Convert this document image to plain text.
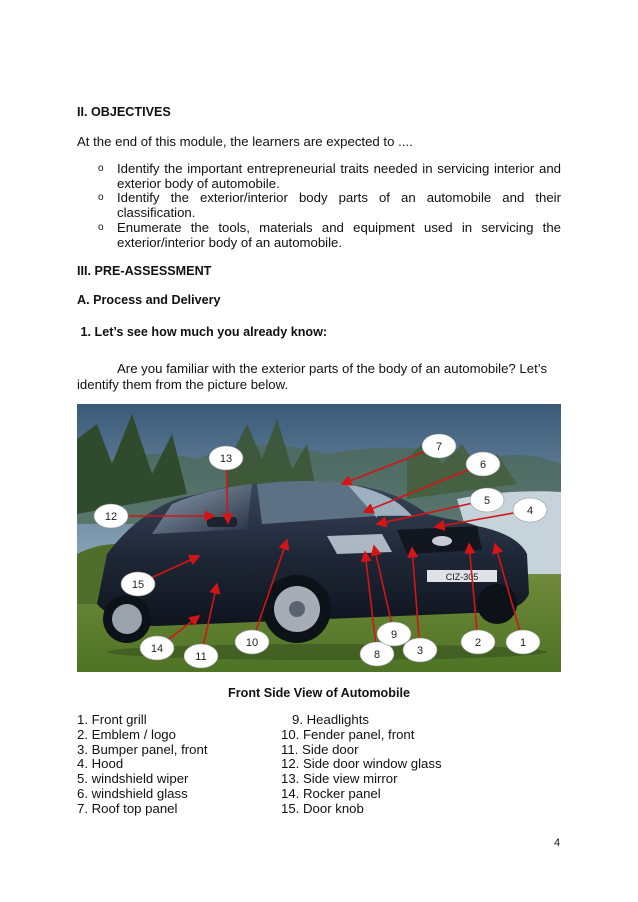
II. OBJECTIVES
At the end of this module, the learners are expected to ....
o Identify the important entrepreneurial traits needed in servicing interior and
exterior body of automobile.
o Identify the exterior/interior body parts of an automobile and their
classification.
o Enumerate the tools, materials and equipment used in servicing the
exterior/interior body of an automobile.
III. PRE-ASSESSMENT
A. Process and Delivery
1. Let’s see how much you already know:
Are you familiar with the exterior parts of the body of an automobile? Let’s
identify them from the picture below.
CIZ-305
1
2
3
4
5
6
7
8
9
10
11
12
13
14
15
Front Side View of Automobile
1. Front grill
2. Emblem / logo
3. Bumper panel, front
4. Hood
5. windshield wiper
6. windshield glass
7. Roof top panel
9. Headlights
10. Fender panel, front
11. Side door
12. Side door window glass
13. Side view mirror
14. Rocker panel
15. Door knob
4
